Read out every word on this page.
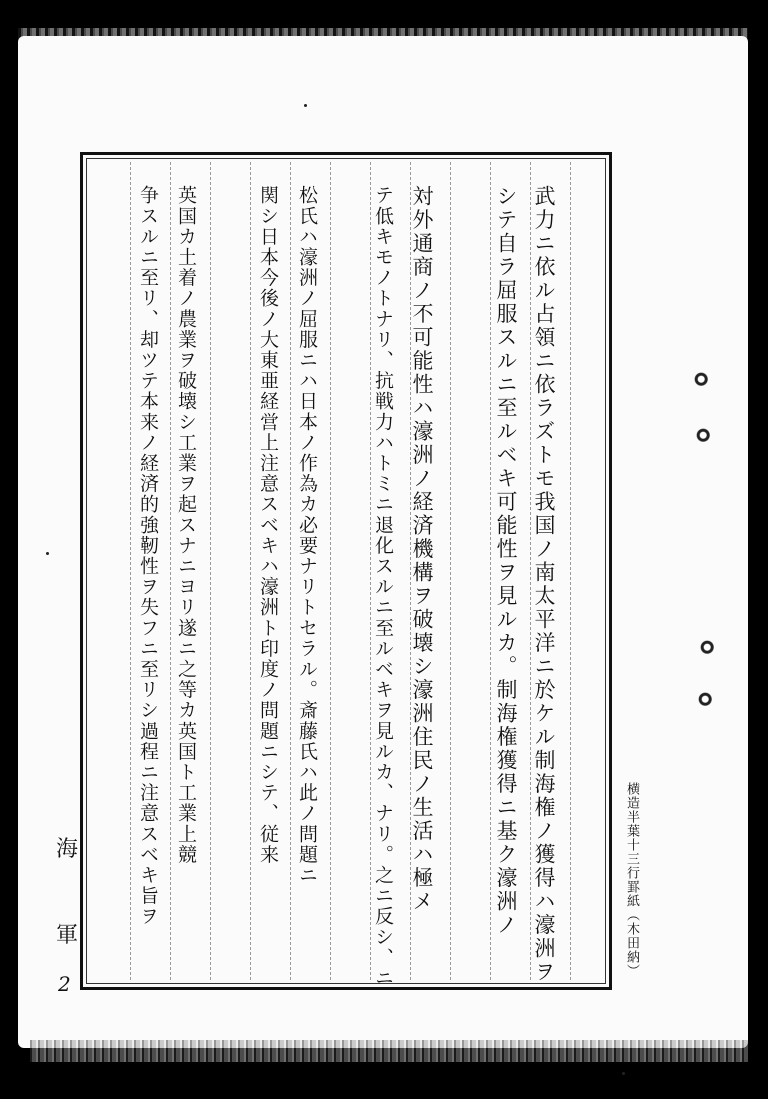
武力ニ依ル占領ニ依ラズトモ我国ノ南太平洋ニ於ケル制海権ノ獲得ハ濠洲ヲ
シテ自ラ屈服スルニ至ルベキ可能性ヲ見ルカ。制海権獲得ニ基ク濠洲ノ
対外通商ノ不可能性ハ濠洲ノ経済機構ヲ破壊シ濠洲住民ノ生活ハ極メ
テ低キモノトナリ、抗戦力ハトミニ退化スルニ至ルベキヲ見ルカ、ナリ。之ニ反シ、ニ
松氏ハ濠洲ノ屈服ニハ日本ノ作為カ必要ナリトセラル。斎藤氏ハ此ノ問題ニ
関シ日本今後ノ大東亜経営上注意スベキハ濠洲ト印度ノ問題ニシテ、従来
英国カ土着ノ農業ヲ破壊シ工業ヲ起スナニヨリ遂ニ之等カ英国ト工業上競
争スルニ至リ、却ツテ本来ノ経済的強靭性ヲ失フニ至リシ過程ニ注意スベキ旨ヲ
海
軍
2
横造半葉十三行罫紙（木田納）
